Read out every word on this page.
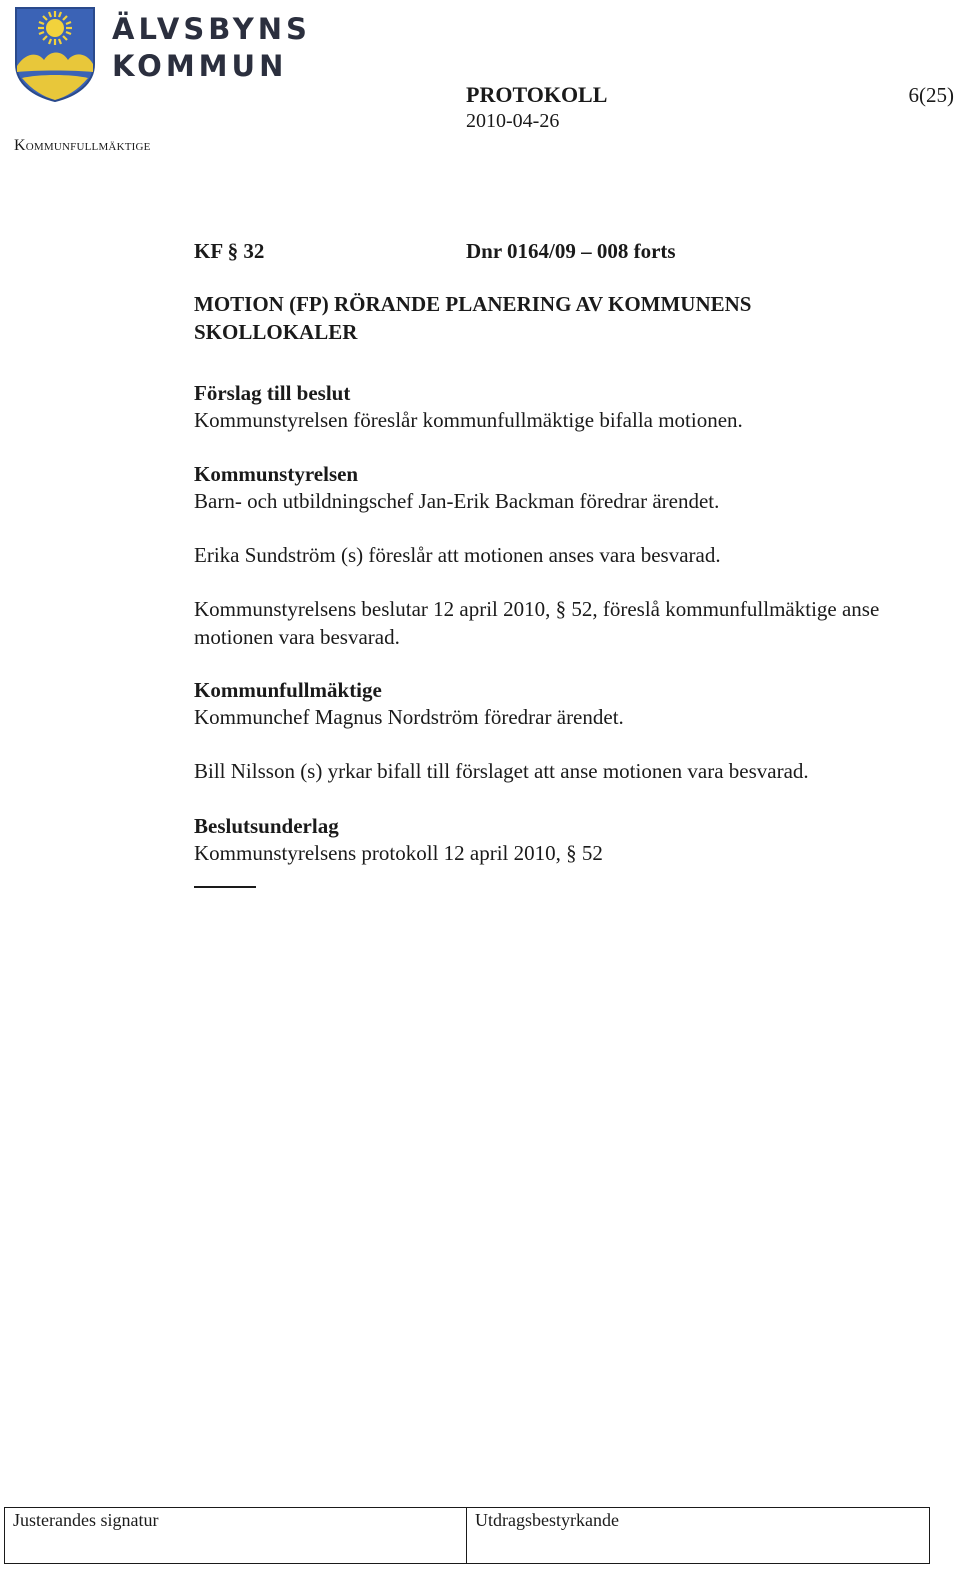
ÄLVSBYNS
KOMMUN
Kommunfullmäktige
PROTOKOLL
2010-04-26
6(25)
KF § 32	Dnr 0164/09 – 008 forts
MOTION (FP) RÖRANDE PLANERING AV KOMMUNENS SKOLLOKALER
Förslag till beslut
Kommunstyrelsen föreslår kommunfullmäktige bifalla motionen.
Kommunstyrelsen
Barn- och utbildningschef Jan-Erik Backman föredrar ärendet.
Erika Sundström (s) föreslår att motionen anses vara besvarad.
Kommunstyrelsens beslutar 12 april 2010, § 52, föreslå kommunfullmäktige anse motionen vara besvarad.
Kommunfullmäktige
Kommunchef Magnus Nordström föredrar ärendet.
Bill Nilsson (s) yrkar bifall till förslaget att anse motionen vara besvarad.
Beslutsunderlag
Kommunstyrelsens protokoll 12 april 2010, § 52
Justerandes signatur	Utdragsbestyrkande
